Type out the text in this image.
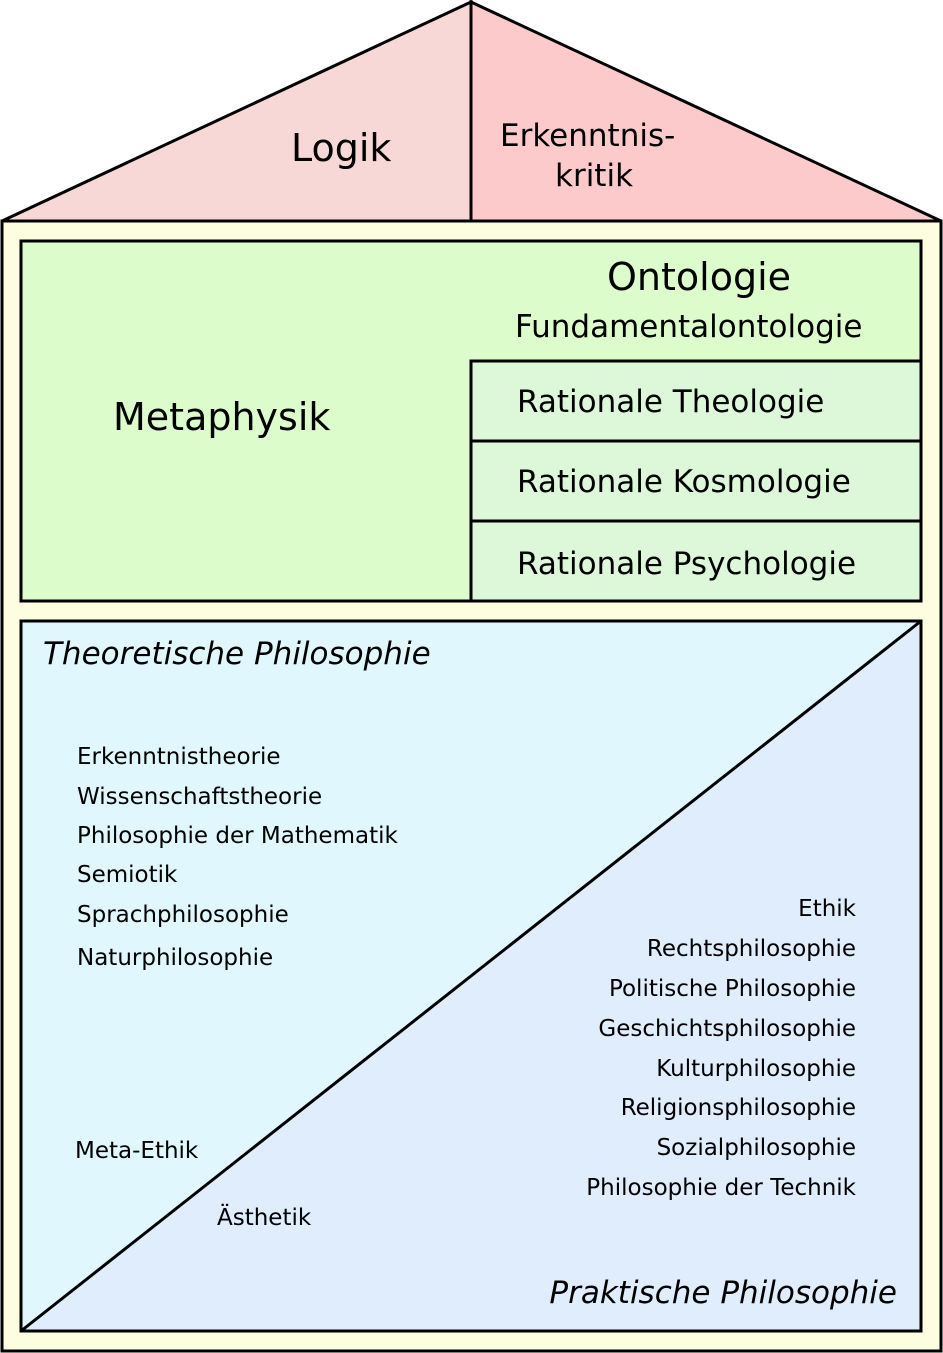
Logik	Erkenntnis-
kritik
Metaphysik
Ontologie
Fundamentalontologie
Rationale Theologie
Rationale Kosmologie
Rationale Psychologie
Theoretische Philosophie
Erkenntnistheorie
Wissenschaftstheorie
Philosophie der Mathematik
Semiotik
Sprachphilosophie
Naturphilosophie
Meta-Ethik
Ästhetik
Ethik
Rechtsphilosophie
Politische Philosophie
Geschichtsphilosophie
Kulturphilosophie
Religionsphilosophie
Sozialphilosophie
Philosophie der Technik
Praktische Philosophie
